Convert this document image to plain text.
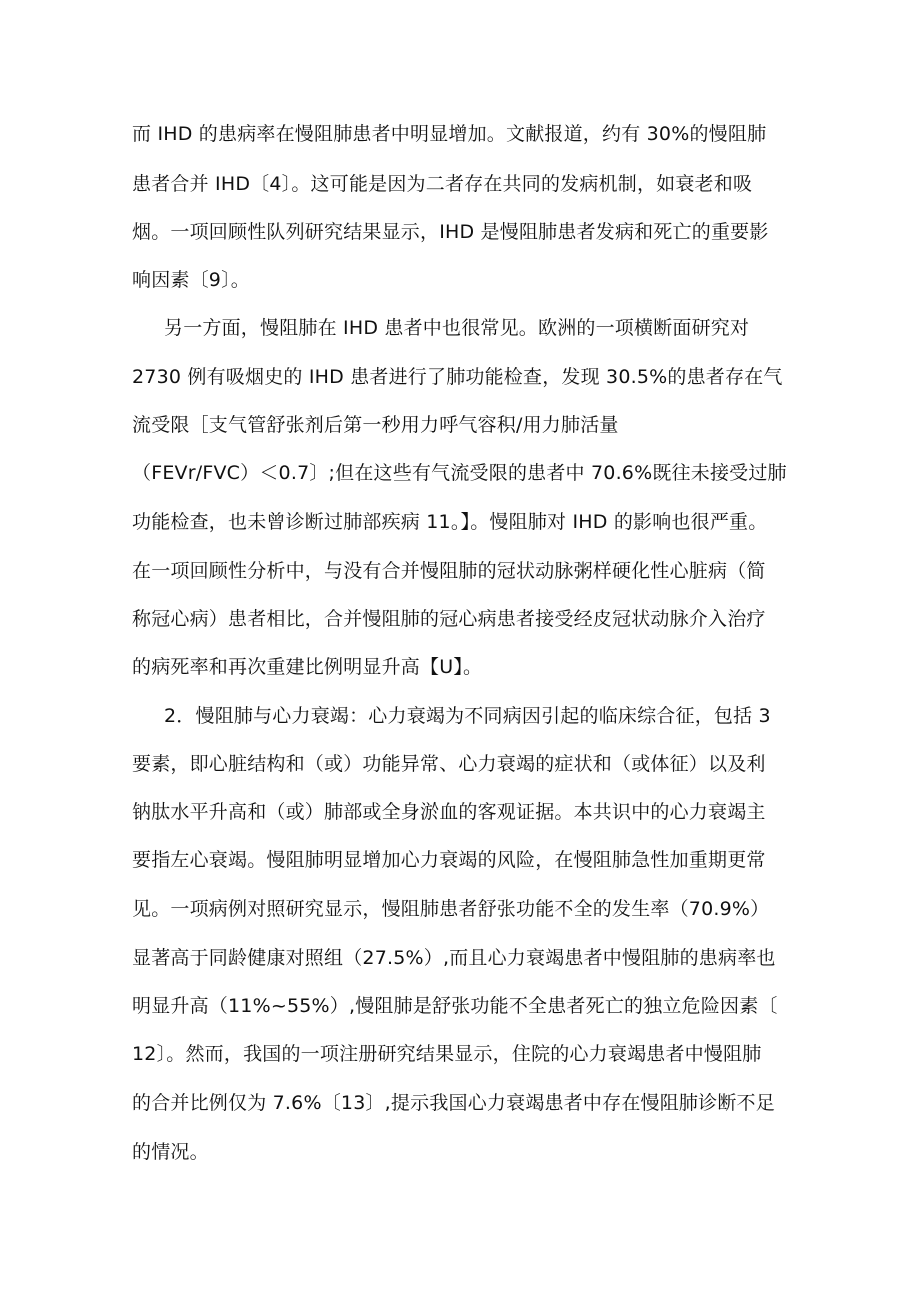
而 IHD 的患病率在慢阻肺患者中明显增加。文献报道，约有 30%的慢阻肺
患者合并 IHD〔4〕。这可能是因为二者存在共同的发病机制，如衰老和吸
烟。一项回顾性队列研究结果显示，IHD 是慢阻肺患者发病和死亡的重要影
响因素〔9〕。
另一方面，慢阻肺在 IHD 患者中也很常见。欧洲的一项横断面研究对
2730 例有吸烟史的 IHD 患者进行了肺功能检查，发现 30.5%的患者存在气
流受限［支气管舒张剂后第一秒用力呼气容积/用力肺活量
（FEVr/FVC）＜0.7〕;但在这些有气流受限的患者中 70.6%既往未接受过肺
功能检查，也未曾诊断过肺部疾病 11。】。慢阻肺对 IHD 的影响也很严重。
在一项回顾性分析中，与没有合并慢阻肺的冠状动脉粥样硬化性心脏病（简
称冠心病）患者相比，合并慢阻肺的冠心病患者接受经皮冠状动脉介入治疗
的病死率和再次重建比例明显升高【U】。
2．慢阻肺与心力衰竭：心力衰竭为不同病因引起的临床综合征，包括 3
要素，即心脏结构和（或）功能异常、心力衰竭的症状和（或体征）以及利
钠肽水平升高和（或）肺部或全身淤血的客观证据。本共识中的心力衰竭主
要指左心衰竭。慢阻肺明显增加心力衰竭的风险，在慢阻肺急性加重期更常
见。一项病例对照研究显示，慢阻肺患者舒张功能不全的发生率（70.9%）
显著高于同龄健康对照组（27.5%）,而且心力衰竭患者中慢阻肺的患病率也
明显升高（11%~55%）,慢阻肺是舒张功能不全患者死亡的独立危险因素〔
12〕。然而，我国的一项注册研究结果显示，住院的心力衰竭患者中慢阻肺
的合并比例仅为 7.6%〔13〕,提示我国心力衰竭患者中存在慢阻肺诊断不足
的情况。
